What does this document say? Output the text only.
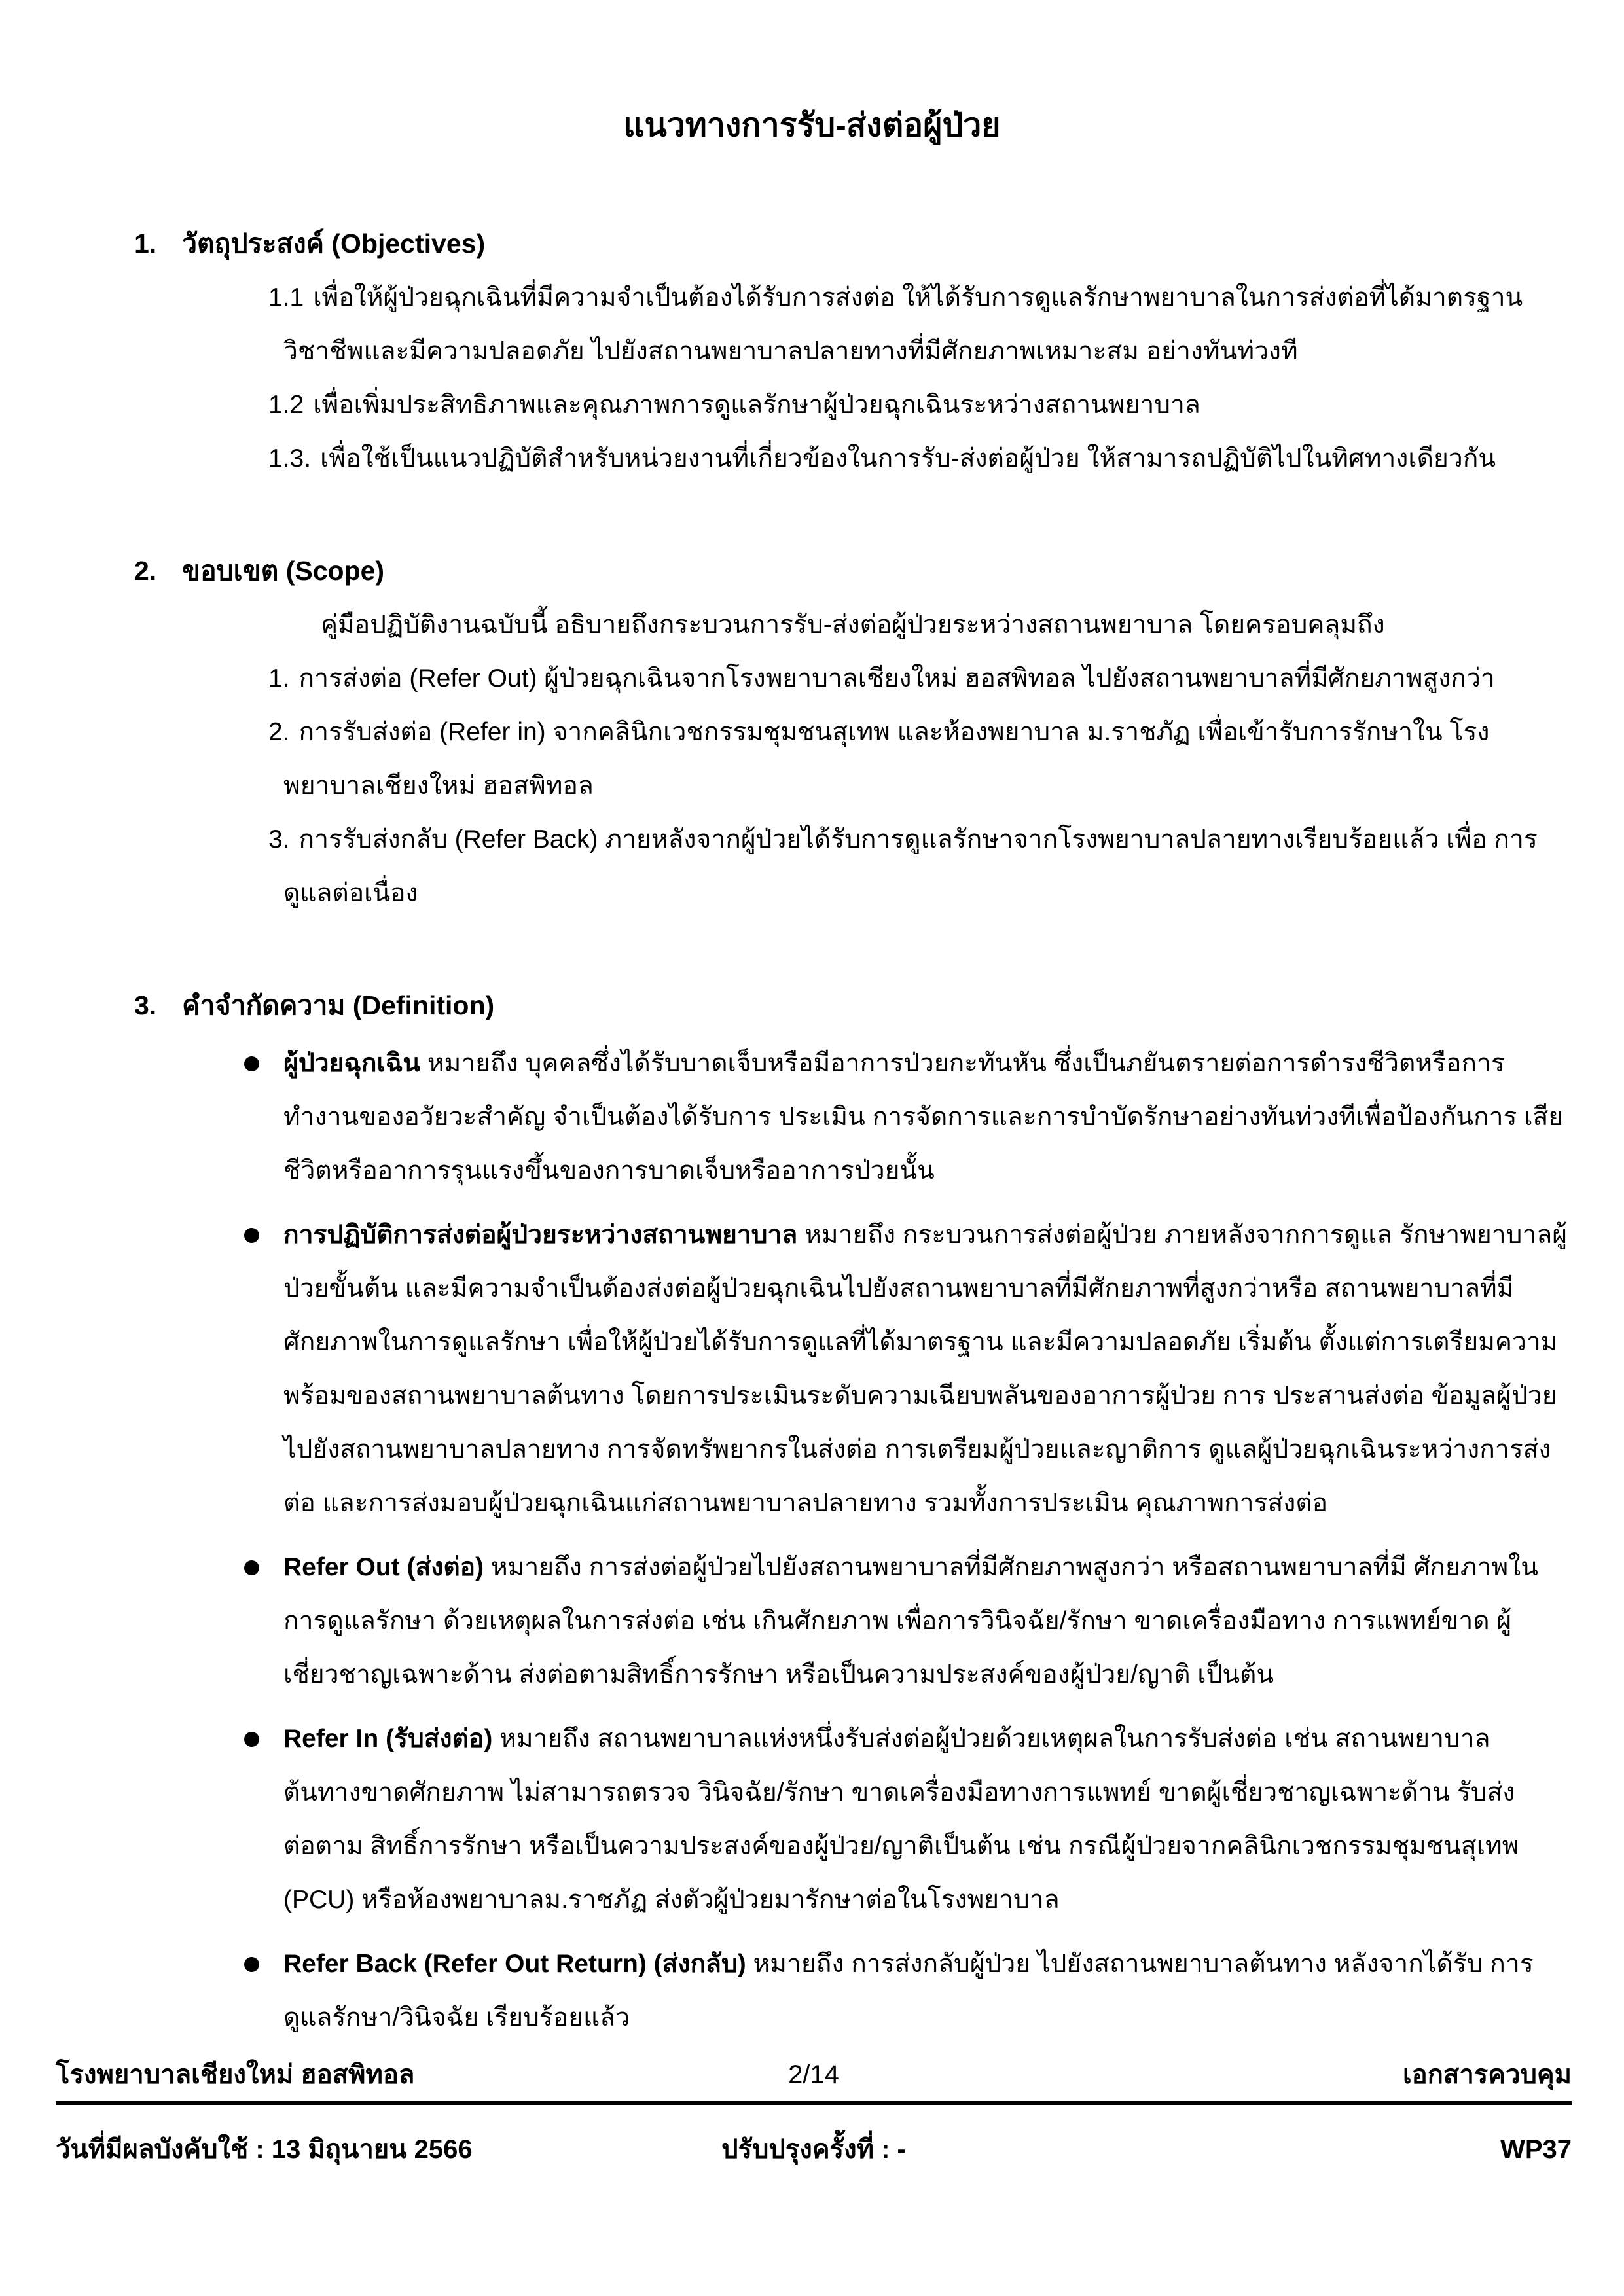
แนวทางการรับ-ส่งต่อผู้ป่วย
1. วัตถุประสงค์ (Objectives)

1.1 เพื่อให้ผู้ป่วยฉุกเฉินที่มีความจำเป็นต้องได้รับการส่งต่อ ให้ได้รับการดูแลรักษาพยาบาลในการส่งต่อที่ได้มาตรฐาน วิชาชีพและมีความปลอดภัย ไปยังสถานพยาบาลปลายทางที่มีศักยภาพเหมาะสม อย่างทันท่วงที

1.2 เพื่อเพิ่มประสิทธิภาพและคุณภาพการดูแลรักษาผู้ป่วยฉุกเฉินระหว่างสถานพยาบาล

1.3. เพื่อใช้เป็นแนวปฏิบัติสำหรับหน่วยงานที่เกี่ยวข้องในการรับ-ส่งต่อผู้ป่วย ให้สามารถปฏิบัติไปในทิศทางเดียวกัน

2. ขอบเขต (Scope)

คู่มือปฏิบัติงานฉบับนี้ อธิบายถึงกระบวนการรับ-ส่งต่อผู้ป่วยระหว่างสถานพยาบาล โดยครอบคลุมถึง

1. การส่งต่อ (Refer Out) ผู้ป่วยฉุกเฉินจากโรงพยาบาลเชียงใหม่ ฮอสพิทอล ไปยังสถานพยาบาลที่มีศักยภาพสูงกว่า

2. การรับส่งต่อ (Refer in) จากคลินิกเวชกรรมชุมชนสุเทพ และห้องพยาบาล ม.ราชภัฏ เพื่อเข้ารับการรักษาใน โรงพยาบาลเชียงใหม่ ฮอสพิทอล

3. การรับส่งกลับ (Refer Back) ภายหลังจากผู้ป่วยได้รับการดูแลรักษาจากโรงพยาบาลปลายทางเรียบร้อยแล้ว เพื่อ การดูแลต่อเนื่อง

3. คำจำกัดความ (Definition)
ผู้ป่วยฉุกเฉิน หมายถึง บุคคลซึ่งได้รับบาดเจ็บหรือมีอาการป่วยกะทันหัน ซึ่งเป็นภยันตรายต่อการดำรงชีวิตหรือการ ทำงานของอวัยวะสำคัญ จำเป็นต้องได้รับการ ประเมิน การจัดการและการบำบัดรักษาอย่างทันท่วงทีเพื่อป้องกันการ เสียชีวิตหรืออาการรุนแรงขึ้นของการบาดเจ็บหรืออาการป่วยนั้น
การปฏิบัติการส่งต่อผู้ป่วยระหว่างสถานพยาบาล หมายถึง กระบวนการส่งต่อผู้ป่วย ภายหลังจากการดูแล รักษาพยาบาลผู้ป่วยขั้นต้น และมีความจำเป็นต้องส่งต่อผู้ป่วยฉุกเฉินไปยังสถานพยาบาลที่มีศักยภาพที่สูงกว่าหรือ สถานพยาบาลที่มีศักยภาพในการดูแลรักษา เพื่อให้ผู้ป่วยได้รับการดูแลที่ได้มาตรฐาน และมีความปลอดภัย เริ่มต้น ตั้งแต่การเตรียมความพร้อมของสถานพยาบาลต้นทาง โดยการประเมินระดับความเฉียบพลันของอาการผู้ป่วย การ ประสานส่งต่อ ข้อมูลผู้ป่วยไปยังสถานพยาบาลปลายทาง การจัดทรัพยากรในส่งต่อ การเตรียมผู้ป่วยและญาติการ ดูแลผู้ป่วยฉุกเฉินระหว่างการส่งต่อ และการส่งมอบผู้ป่วยฉุกเฉินแก่สถานพยาบาลปลายทาง รวมทั้งการประเมิน คุณภาพการส่งต่อ
Refer Out (ส่งต่อ) หมายถึง การส่งต่อผู้ป่วยไปยังสถานพยาบาลที่มีศักยภาพสูงกว่า หรือสถานพยาบาลที่มี ศักยภาพในการดูแลรักษา ด้วยเหตุผลในการส่งต่อ เช่น เกินศักยภาพ เพื่อการวินิจฉัย/รักษา ขาดเครื่องมือทาง การแพทย์ขาด ผู้เชี่ยวชาญเฉพาะด้าน ส่งต่อตามสิทธิ์การรักษา หรือเป็นความประสงค์ของผู้ป่วย/ญาติ เป็นต้น
Refer In (รับส่งต่อ) หมายถึง สถานพยาบาลแห่งหนึ่งรับส่งต่อผู้ป่วยด้วยเหตุผลในการรับส่งต่อ เช่น สถานพยาบาล ต้นทางขาดศักยภาพ ไม่สามารถตรวจ วินิจฉัย/รักษา ขาดเครื่องมือทางการแพทย์ ขาดผู้เชี่ยวชาญเฉพาะด้าน รับส่ง ต่อตาม สิทธิ์การรักษา หรือเป็นความประสงค์ของผู้ป่วย/ญาติเป็นต้น เช่น กรณีผู้ป่วยจากคลินิกเวชกรรมชุมชนสุเทพ (PCU) หรือห้องพยาบาลม.ราชภัฏ ส่งตัวผู้ป่วยมารักษาต่อในโรงพยาบาล
Refer Back (Refer Out Return) (ส่งกลับ) หมายถึง การส่งกลับผู้ป่วย ไปยังสถานพยาบาลต้นทาง หลังจากได้รับ การดูแลรักษา/วินิจฉัย เรียบร้อยแล้ว
โรงพยาบาลเชียงใหม่ ฮอสพิทอล	2/14	เอกสารควบคุม
วันที่มีผลบังคับใช้ : 13 มิถุนายน 2566	ปรับปรุงครั้งที่ : -	WP37
